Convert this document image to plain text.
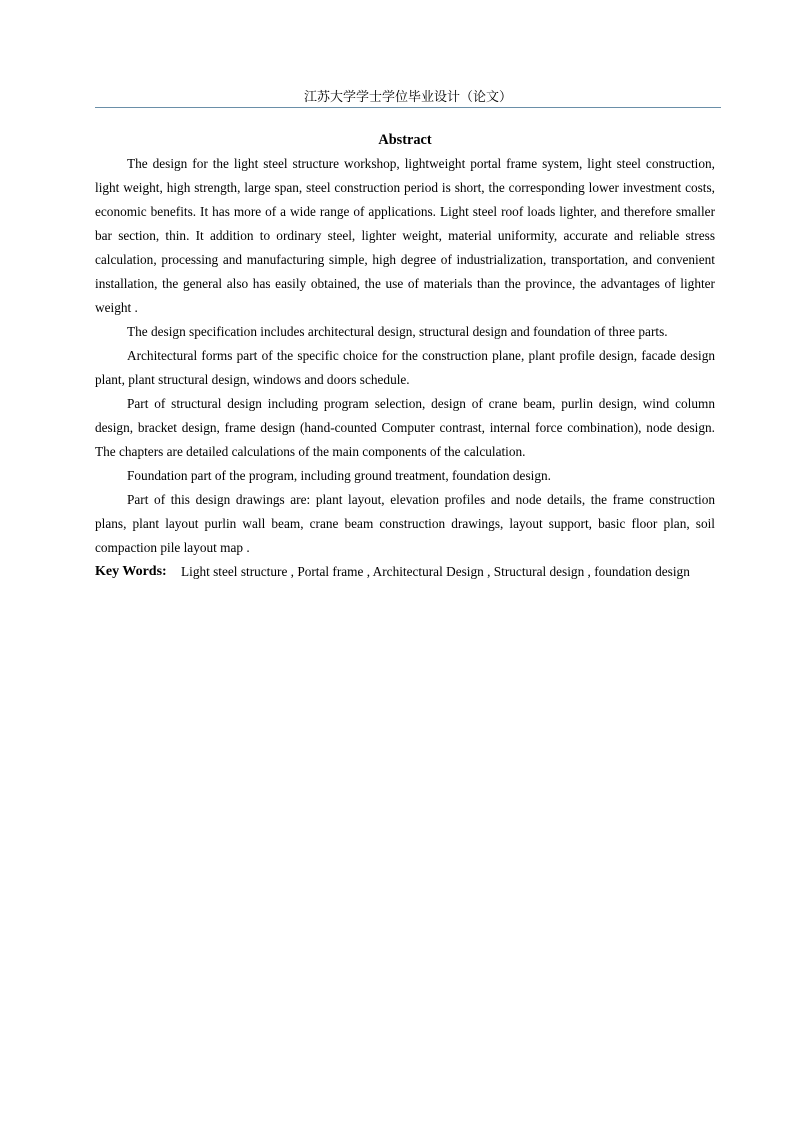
江苏大学学士学位毕业设计（论文）

Abstract

The design for the light steel structure workshop, lightweight portal frame system, light steel construction, light weight, high strength, large span, steel construction period is short, the corresponding lower investment costs, economic benefits. It has more of a wide range of applications. Light steel roof loads lighter, and therefore smaller bar section, thin. It addition to ordinary steel, lighter weight, material uniformity, accurate and reliable stress calculation, processing and manufacturing simple, high degree of industrialization, transportation, and convenient installation, the general also has easily obtained, the use of materials than the province, the advantages of lighter weight .

The design specification includes architectural design, structural design and foundation of three parts.

Architectural forms part of the specific choice for the construction plane, plant profile design, facade design plant, plant structural design, windows and doors schedule.

Part of structural design including program selection, design of crane beam, purlin design, wind column design, bracket design, frame design (hand-counted Computer contrast, internal force combination), node design. The chapters are detailed calculations of the main components of the calculation.

Foundation part of the program, including ground treatment, foundation design.

Part of this design drawings are: plant layout, elevation profiles and node details, the frame construction plans, plant layout purlin wall beam, crane beam construction drawings, layout support, basic floor plan, soil compaction pile layout map .

Key Words:	Light steel structure , Portal frame , Architectural Design , Structural design , foundation design
